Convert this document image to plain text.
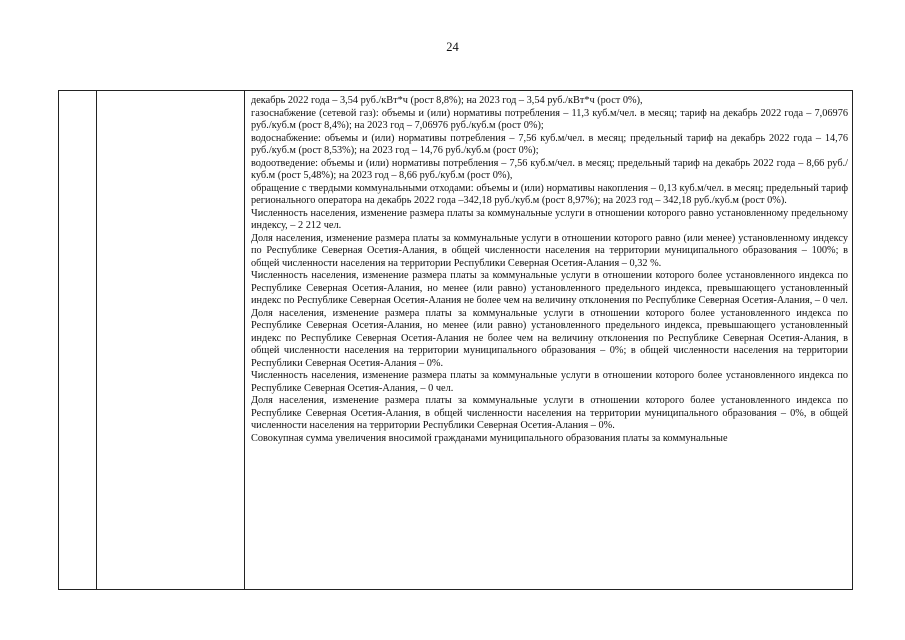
24

декабрь 2022 года – 3,54 руб./кВт*ч (рост 8,8%); на 2023 год – 3,54 руб./кВт*ч (рост 0%),

газоснабжение (сетевой газ): объемы и (или) нормативы потребления – 11,3 куб.м/чел. в месяц; тариф на декабрь 2022 года – 7,06976 руб./куб.м (рост 8,4%); на 2023 год – 7,06976 руб./куб.м (рост 0%);

водоснабжение: объемы и (или) нормативы потребления – 7,56 куб.м/чел. в месяц; предельный тариф на декабрь 2022 года – 14,76 руб./куб.м (рост 8,53%); на 2023 год – 14,76 руб./куб.м (рост 0%);

водоотведение: объемы и (или) нормативы потребления – 7,56 куб.м/чел. в месяц; предельный тариф на декабрь 2022 года – 8,66 руб./куб.м (рост 5,48%); на 2023 год – 8,66 руб./куб.м (рост 0%),

обращение с твердыми коммунальными отходами: объемы и (или) нормативы накопления – 0,13 куб.м/чел. в месяц; предельный тариф регионального оператора на декабрь 2022 года –342,18 руб./куб.м (рост 8,97%); на 2023 год – 342,18 руб./куб.м (рост 0%).

Численность населения, изменение размера платы за коммунальные услуги в отношении которого равно установленному предельному индексу, – 2 212 чел.

Доля населения, изменение размера платы за коммунальные услуги в отношении которого равно (или менее) установленному индексу по Республике Северная Осетия-Алания, в общей численности населения на территории муниципального образования – 100%; в общей численности населения на территории Республики Северная Осетия-Алания – 0,32 %.

Численность населения, изменение размера платы за коммунальные услуги в отношении которого более установленного индекса по Республике Северная Осетия-Алания, но менее (или равно) установленного предельного индекса, превышающего установленный индекс по Республике Северная Осетия-Алания не более чем на величину отклонения по Республике Северная Осетия-Алания, – 0 чел.

Доля населения, изменение размера платы за коммунальные услуги в отношении которого более установленного индекса по Республике Северная Осетия-Алания, но менее (или равно) установленного предельного индекса, превышающего установленный индекс по Республике Северная Осетия-Алания не более чем на величину отклонения по Республике Северная Осетия-Алания, в общей численности населения на территории муниципального образования – 0%; в общей численности населения на территории Республики Северная Осетия-Алания – 0%.

Численность населения, изменение размера платы за коммунальные услуги в отношении которого более установленного индекса по Республике Северная Осетия-Алания, – 0 чел.

Доля населения, изменение размера платы за коммунальные услуги в отношении которого более установленного индекса по Республике Северная Осетия-Алания, в общей численности населения на территории муниципального образования – 0%, в общей численности населения на территории Республики Северная Осетия-Алания – 0%.

Совокупная сумма увеличения вносимой гражданами муниципального образования платы за коммунальные
